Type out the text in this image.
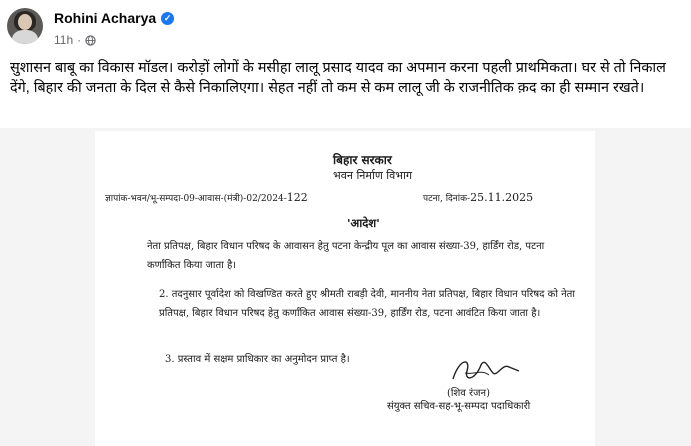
Rohini Acharya ✓
11h ·
सुशासन बाबू का विकास मॉडल। करोड़ों लोगों के मसीहा लालू प्रसाद यादव का अपमान करना पहली प्राथमिकता। घर से तो निकाल देंगे, बिहार की जनता के दिल से कैसे निकालिएगा। सेहत नहीं तो कम से कम लालू जी के राजनीतिक क़द का ही सम्मान रखते।
बिहार सरकार
भवन निर्माण विभाग
ज्ञापांक-भवन/भू-सम्पदा-09-आवास-(मंत्री)-02/2024-122	पटना, दिनांक-25.11.2025
'आदेश'
नेता प्रतिपक्ष, बिहार विधान परिषद के आवासन हेतु पटना केन्द्रीय पूल का आवास संख्या-39, हार्डिंग रोड, पटना कर्णांकित किया जाता है।
2. तदनुसार पूर्वादेश को विखण्डित करते हुए श्रीमती राबड़ी देवी, माननीय नेता प्रतिपक्ष, बिहार विधान परिषद को नेता प्रतिपक्ष, बिहार विधान परिषद हेतु कर्णांकित आवास संख्या-39, हार्डिंग रोड, पटना आवंटित किया जाता है।
3. प्रस्ताव में सक्षम प्राधिकार का अनुमोदन प्राप्त है।
(शिव रंजन)
संयुक्त सचिव-सह-भू-सम्पदा पदाधिकारी
